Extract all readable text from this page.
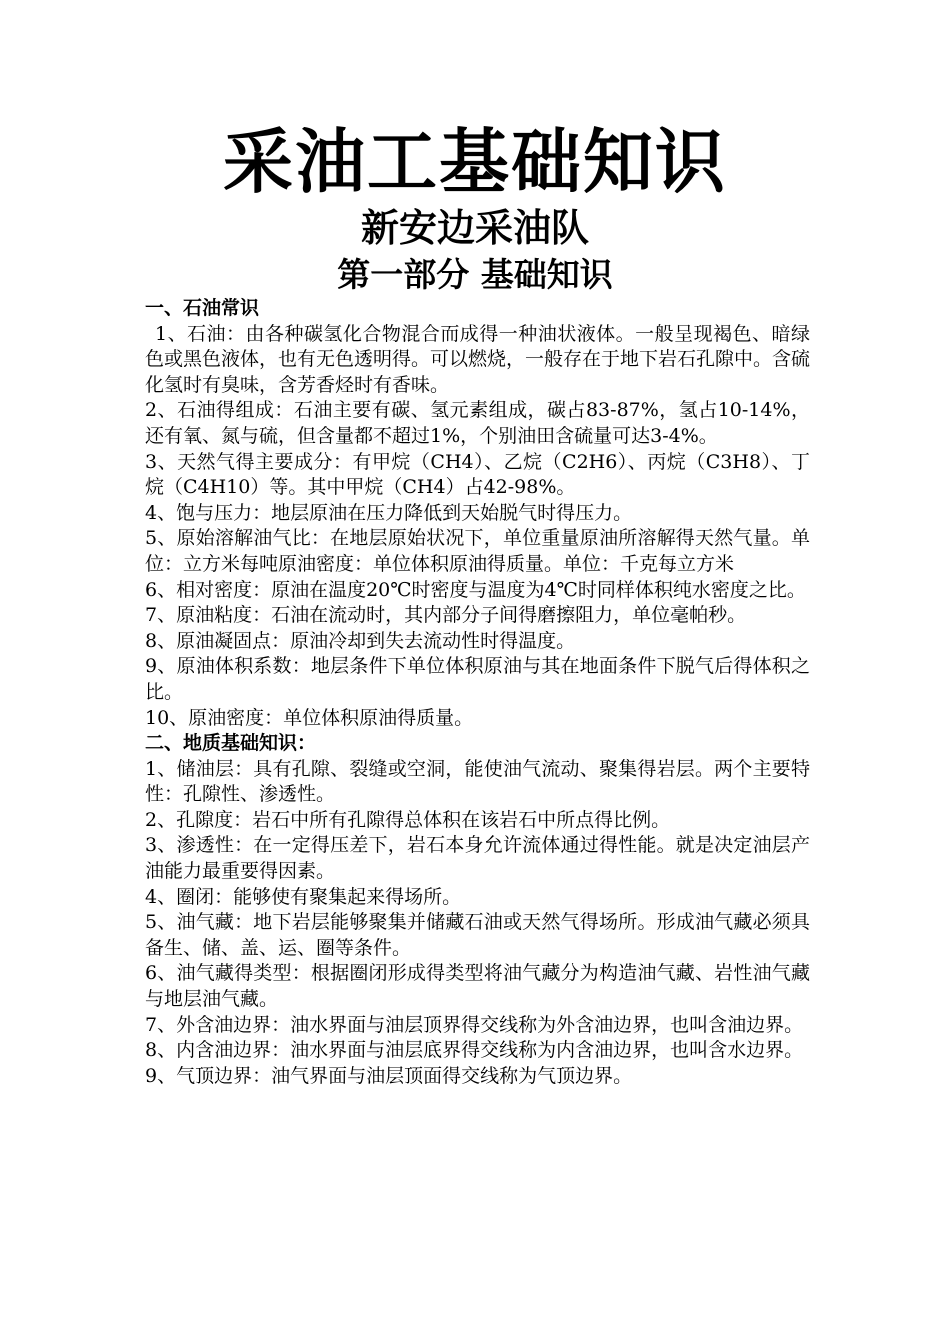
采油工基础知识
新安边采油队
第一部分 基础知识

一、石油常识

1、石油：由各种碳氢化合物混合而成得一种油状液体。一般呈现褐色、暗绿色或黑色液体，也有无色透明得。可以燃烧，一般存在于地下岩石孔隙中。含硫化氢时有臭味，含芳香烃时有香味。

2、石油得组成：石油主要有碳、氢元素组成，碳占83-87%，氢占10-14%，还有氧、氮与硫，但含量都不超过1%，个别油田含硫量可达3-4%。

3、天然气得主要成分：有甲烷（CH4）、乙烷（C2H6）、丙烷（C3H8）、丁烷（C4H10）等。其中甲烷（CH4）占42-98%。

4、饱与压力：地层原油在压力降低到天始脱气时得压力。

5、原始溶解油气比：在地层原始状况下，单位重量原油所溶解得天然气量。单位：立方米每吨原油密度：单位体积原油得质量。单位：千克每立方米

6、相对密度：原油在温度20℃时密度与温度为4℃时同样体积纯水密度之比。

7、原油粘度：石油在流动时，其内部分子间得磨擦阻力，单位毫帕秒。

8、原油凝固点：原油冷却到失去流动性时得温度。

9、原油体积系数：地层条件下单位体积原油与其在地面条件下脱气后得体积之比。

10、原油密度：单位体积原油得质量。

二、地质基础知识：

1、储油层：具有孔隙、裂缝或空洞，能使油气流动、聚集得岩层。两个主要特性：孔隙性、渗透性。

2、孔隙度：岩石中所有孔隙得总体积在该岩石中所点得比例。

3、渗透性：在一定得压差下，岩石本身允许流体通过得性能。就是决定油层产油能力最重要得因素。

4、圈闭：能够使有聚集起来得场所。

5、油气藏：地下岩层能够聚集并储藏石油或天然气得场所。形成油气藏必须具备生、储、盖、运、圈等条件。

6、油气藏得类型：根据圈闭形成得类型将油气藏分为构造油气藏、岩性油气藏与地层油气藏。

7、外含油边界：油水界面与油层顶界得交线称为外含油边界，也叫含油边界。

8、内含油边界：油水界面与油层底界得交线称为内含油边界，也叫含水边界。

9、气顶边界：油气界面与油层顶面得交线称为气顶边界。
